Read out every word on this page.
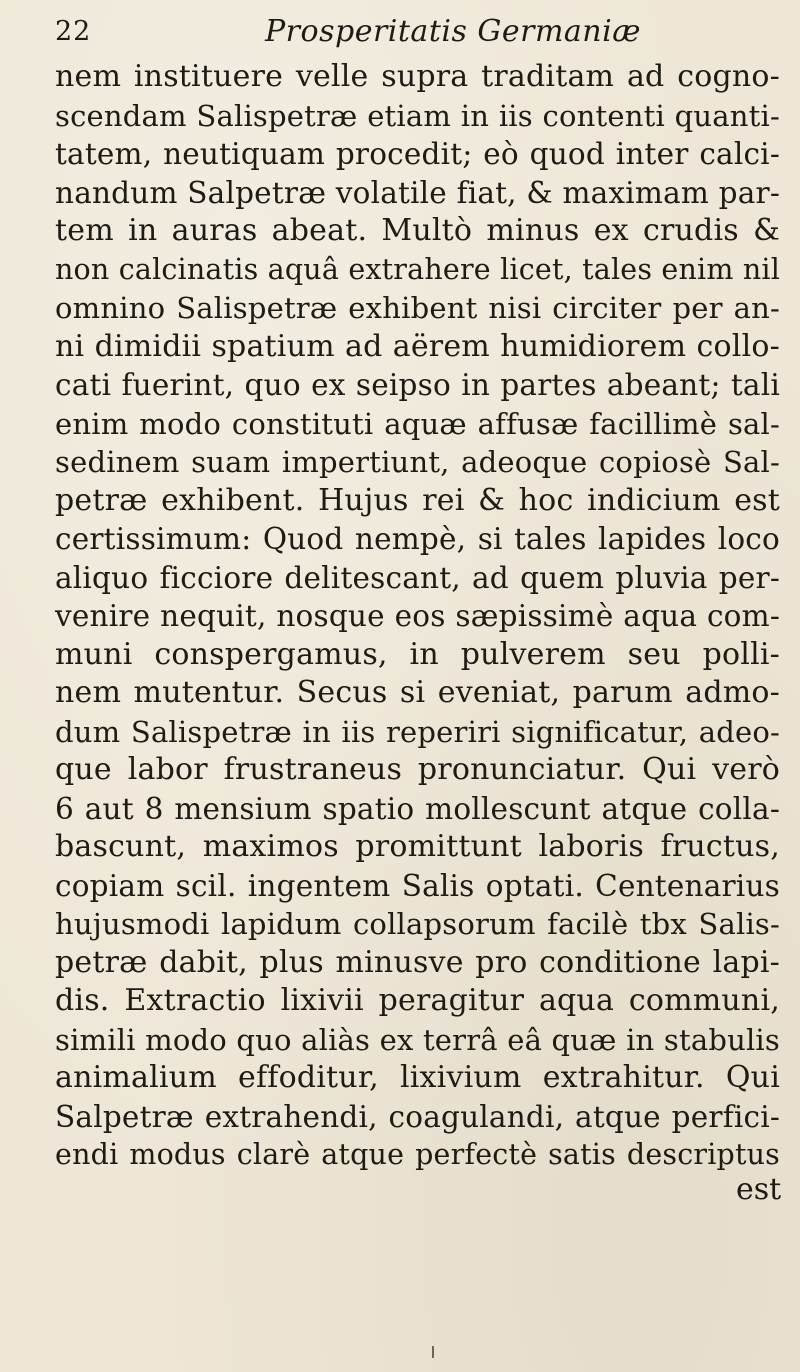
22	Prosperitatis Germaniæ
nem instituere velle supra traditam ad cogno-
scendam Salispetræ etiam in iis contenti quanti-
tatem, neutiquam procedit; eò quod inter calci-
nandum Salpetræ volatile fiat, & maximam par-
tem in auras abeat. Multò minus ex crudis &
non calcinatis aquâ extrahere licet, tales enim nil
omnino Salispetræ exhibent nisi circiter per an-
ni dimidii spatium ad aërem humidiorem collo-
cati fuerint, quo ex seipso in partes abeant; tali
enim modo constituti aquæ affusæ facillimè sal-
sedinem suam impertiunt, adeoque copiosè Sal-
petræ exhibent. Hujus rei & hoc indicium est
certissimum: Quod nempè, si tales lapides loco
aliquo ficciore delitescant, ad quem pluvia per-
venire nequit, nosque eos sæpissimè aqua com-
muni conspergamus, in pulverem seu polli-
nem mutentur. Secus si eveniat, parum admo-
dum Salispetræ in iis reperiri significatur, adeo-
que labor frustraneus pronunciatur. Qui verò
6 aut 8 mensium spatio mollescunt atque colla-
bascunt, maximos promittunt laboris fructus,
copiam scil. ingentem Salis optati. Centenarius
hujusmodi lapidum collapsorum facilè tbx Salis-
petræ dabit, plus minusve pro conditione lapi-
dis. Extractio lixivii peragitur aqua communi,
simili modo quo aliàs ex terrâ eâ quæ in stabulis
animalium effoditur, lixivium extrahitur. Qui
Salpetræ extrahendi, coagulandi, atque perfici-
endi modus clarè atque perfectè satis descriptus
est
